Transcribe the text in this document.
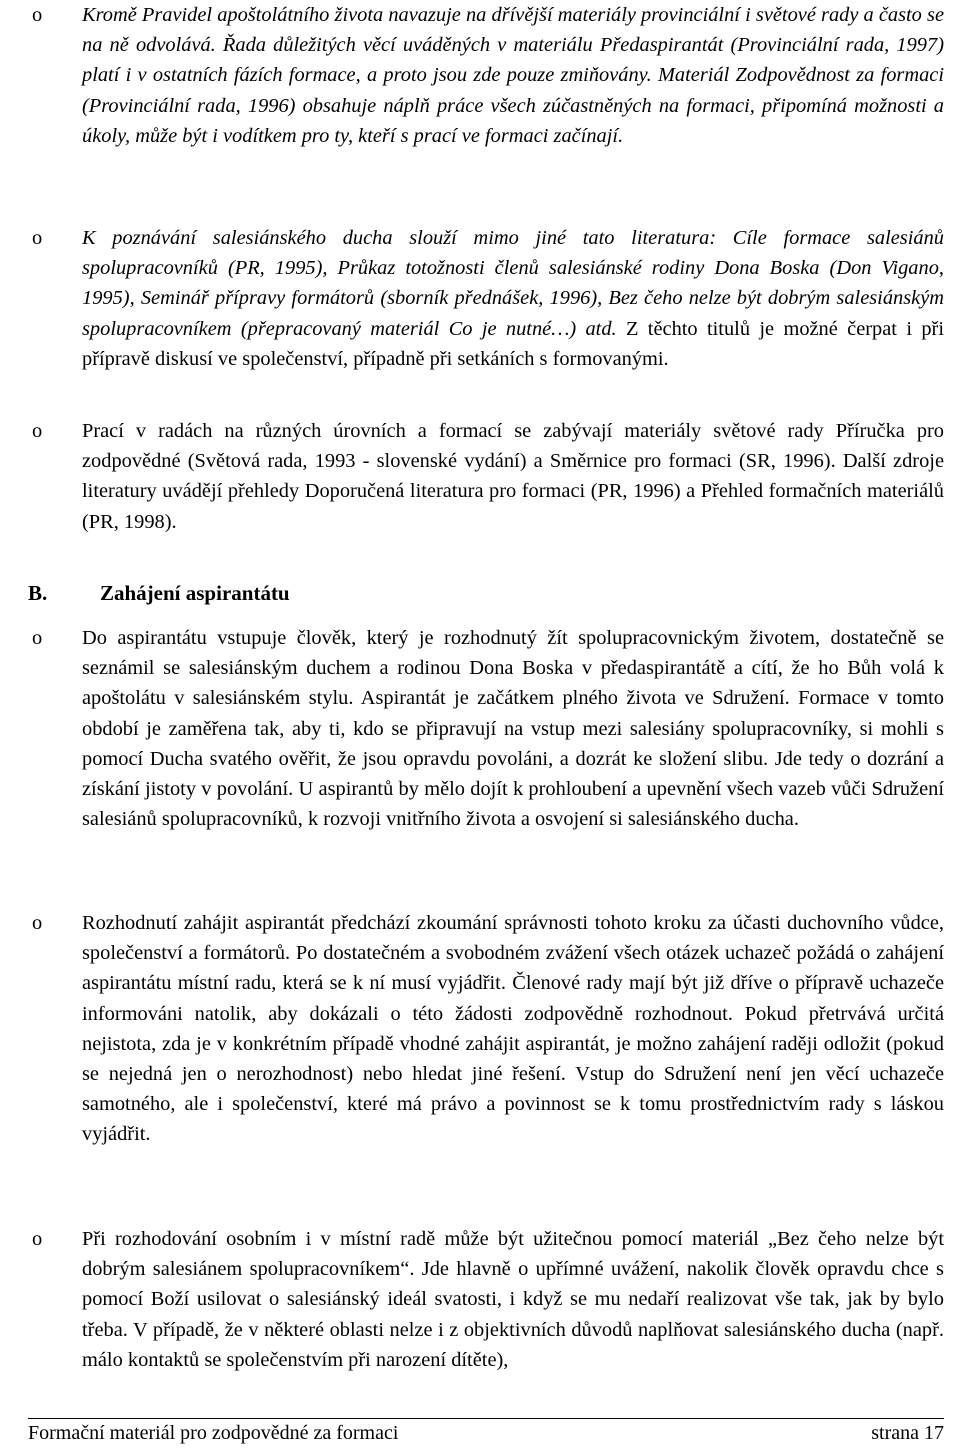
o Kromě Pravidel apoštolátního života navazuje na dřívější materiály provinciální i světové rady a často se na ně odvolává. Řada důležitých věcí uváděných v materiálu Předaspirantát (Provinciální rada, 1997) platí i v ostatních fázích formace, a proto jsou zde pouze zmiňovány. Materiál Zodpovědnost za formaci (Provinciální rada, 1996) obsahuje náplň práce všech zúčastněných na formaci, připomíná možnosti a úkoly, může být i vodítkem pro ty, kteří s prací ve formaci začínají.
o K poznávání salesiánského ducha slouží mimo jiné tato literatura: Cíle formace salesiánů spolupracovníků (PR, 1995), Průkaz totožnosti členů salesiánské rodiny Dona Boska (Don Vigano, 1995), Seminář přípravy formátorů (sborník přednášek, 1996), Bez čeho nelze být dobrým salesiánským spolupracovníkem (přepracovaný materiál Co je nutné…) atd. Z těchto titulů je možné čerpat i při přípravě diskusí ve společenství, případně při setkáních s formovanými.
o Prací v radách na různých úrovních a formací se zabývají materiály světové rady Příručka pro zodpovědné (Světová rada, 1993 - slovenské vydání) a Směrnice pro formaci (SR, 1996). Další zdroje literatury uvádějí přehledy Doporučená literatura pro formaci (PR, 1996) a Přehled formačních materiálů (PR, 1998).
B.	Zahájení aspirantátu
o Do aspirantátu vstupuje člověk, který je rozhodnutý žít spolupracovnickým životem, dostatečně se seznámil se salesiánským duchem a rodinou Dona Boska v předaspirantátě a cítí, že ho Bůh volá k apoštolátu v salesiánském stylu. Aspirantát je začátkem plného života ve Sdružení. Formace v tomto období je zaměřena tak, aby ti, kdo se připravují na vstup mezi salesiány spolupracovníky, si mohli s pomocí Ducha svatého ověřit, že jsou opravdu povoláni, a dozrát ke složení slibu. Jde tedy o dozrání a získání jistoty v povolání. U aspirantů by mělo dojít k prohloubení a upevnění všech vazeb vůči Sdružení salesiánů spolupracovníků, k rozvoji vnitřního života a osvojení si salesiánského ducha.
o Rozhodnutí zahájit aspirantát předchází zkoumání správnosti tohoto kroku za účasti duchovního vůdce, společenství a formátorů. Po dostatečném a svobodném zvážení všech otázek uchazeč požádá o zahájení aspirantátu místní radu, která se k ní musí vyjádřit. Členové rady mají být již dříve o přípravě uchazeče informováni natolik, aby dokázali o této žádosti zodpovědně rozhodnout. Pokud přetrvává určitá nejistota, zda je v konkrétním případě vhodné zahájit aspirantát, je možno zahájení raději odložit (pokud se nejedná jen o nerozhodnost) nebo hledat jiné řešení. Vstup do Sdružení není jen věcí uchazeče samotného, ale i společenství, které má právo a povinnost se k tomu prostřednictvím rady s láskou vyjádřit.
o Při rozhodování osobním i v místní radě může být užitečnou pomocí materiál „Bez čeho nelze být dobrým salesiánem spolupracovníkem“. Jde hlavně o upřímné uvážení, nakolik člověk opravdu chce s pomocí Boží usilovat o salesiánský ideál svatosti, i když se mu nedaří realizovat vše tak, jak by bylo třeba. V případě, že v některé oblasti nelze i z objektivních důvodů naplňovat salesiánského ducha (např. málo kontaktů se společenstvím při narození dítěte),
Formační materiál pro zodpovědné za formaci	strana 17
